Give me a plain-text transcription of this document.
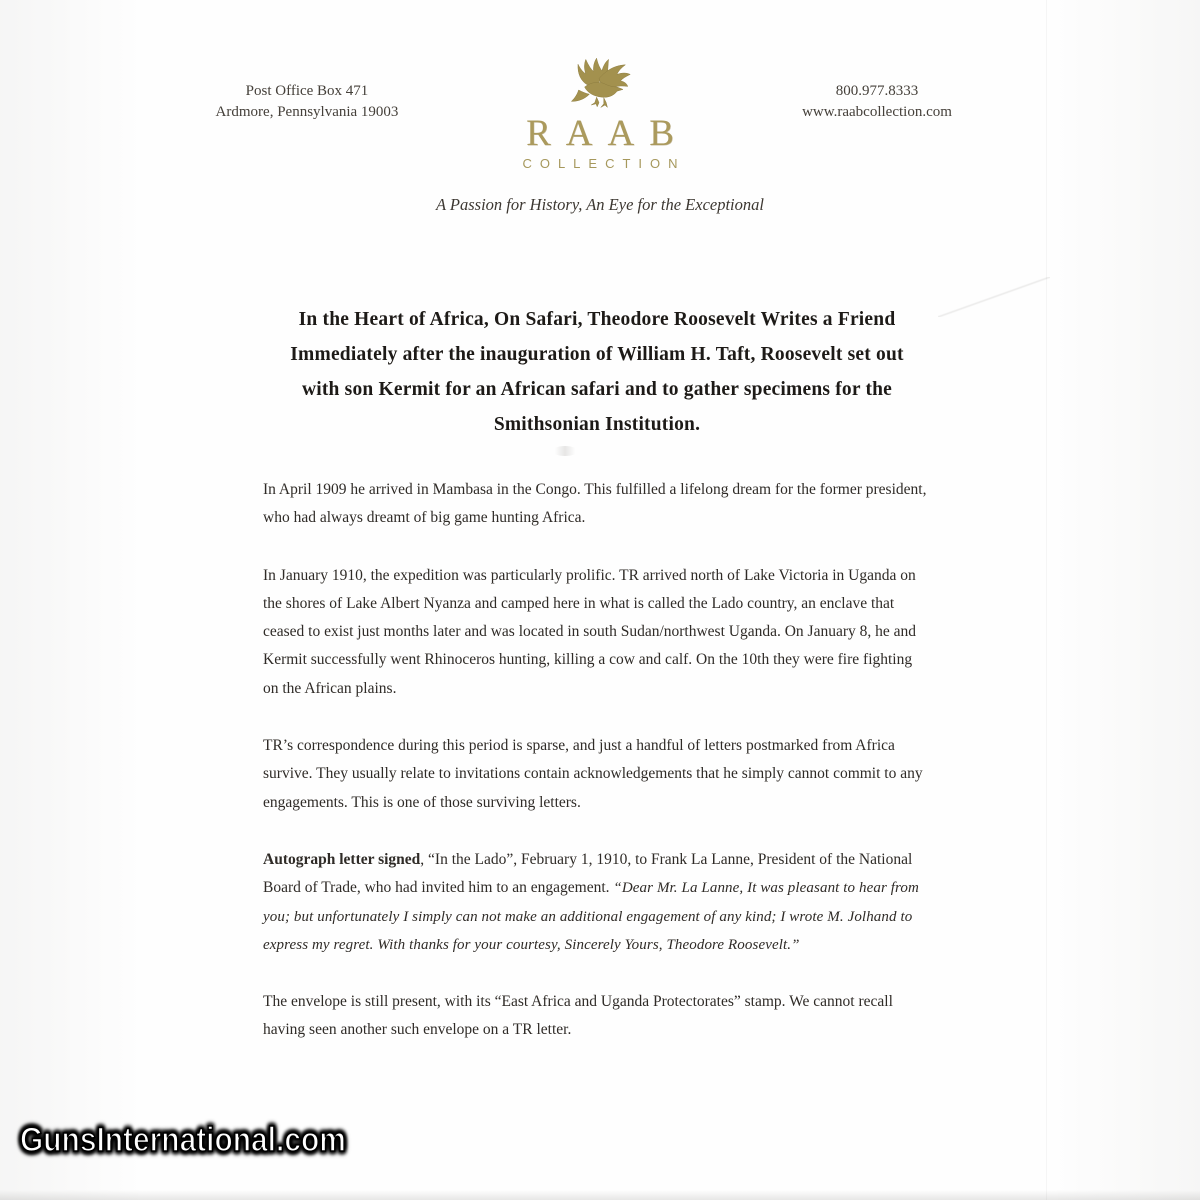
Post Office Box 471
Ardmore, Pennsylvania 19003
800.977.8333
www.raabcollection.com
RAAB
COLLECTION
A Passion for History, An Eye for the Exceptional
In the Heart of Africa, On Safari, Theodore Roosevelt Writes a Friend
Immediately after the inauguration of William H. Taft, Roosevelt set out
with son Kermit for an African safari and to gather specimens for the
Smithsonian Institution.

In April 1909 he arrived in Mambasa in the Congo. This fulfilled a lifelong dream for the former president, who had always dreamt of big game hunting Africa.

In January 1910, the expedition was particularly prolific. TR arrived north of Lake Victoria in Uganda on the shores of Lake Albert Nyanza and camped here in what is called the Lado country, an enclave that ceased to exist just months later and was located in south Sudan/northwest Uganda. On January 8, he and Kermit successfully went Rhinoceros hunting, killing a cow and calf. On the 10th they were fire fighting on the African plains.

TR’s correspondence during this period is sparse, and just a handful of letters postmarked from Africa survive. They usually relate to invitations contain acknowledgements that he simply cannot commit to any engagements. This is one of those surviving letters.

Autograph letter signed, “In the Lado”, February 1, 1910, to Frank La Lanne, President of the National Board of Trade, who had invited him to an engagement. “Dear Mr. La Lanne, It was pleasant to hear from you; but unfortunately I simply can not make an additional engagement of any kind; I wrote M. Jolhand to express my regret. With thanks for your courtesy, Sincerely Yours, Theodore Roosevelt.”

The envelope is still present, with its “East Africa and Uganda Protectorates” stamp. We cannot recall having seen another such envelope on a TR letter.

GunsInternational.com
